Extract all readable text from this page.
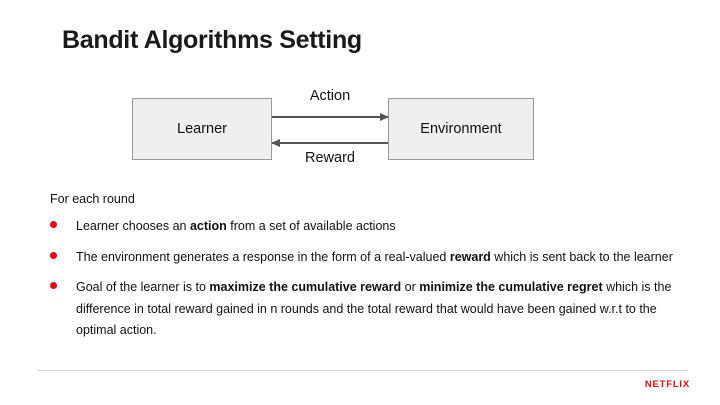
Bandit Algorithms Setting
Learner	Environment
Action
Reward
For each round
Learner chooses an action from a set of available actions
The environment generates a response in the form of a real-valued reward which is sent back to the learner
Goal of the learner is to maximize the cumulative reward or minimize the cumulative regret which is the difference in total reward gained in n rounds and the total reward that would have been gained w.r.t to the optimal action.
NETFLIX
